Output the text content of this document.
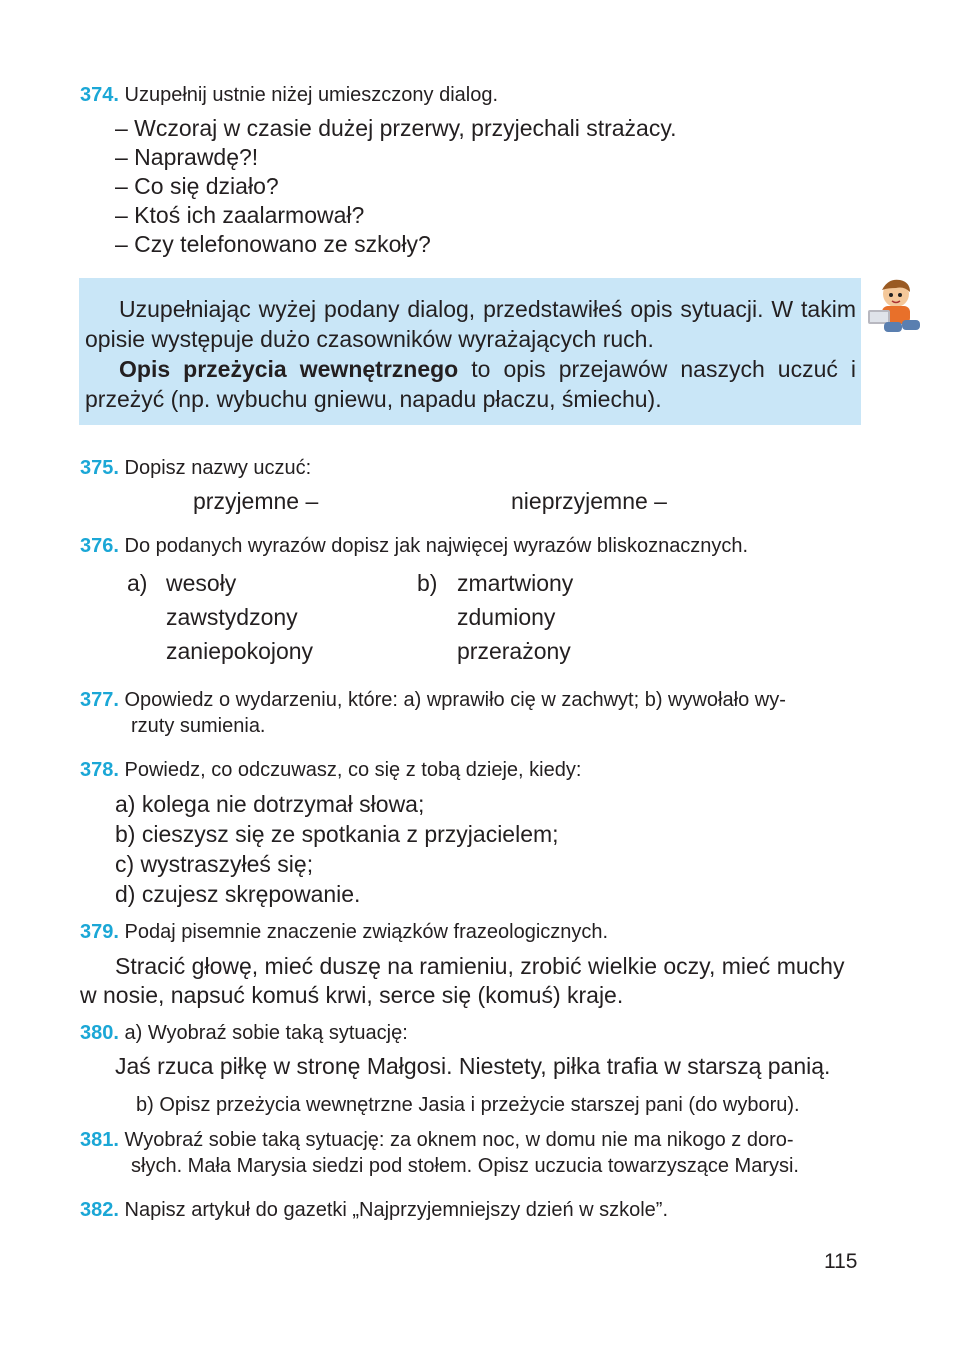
374. Uzupełnij ustnie niżej umieszczony dialog.
– Wczoraj w czasie dużej przerwy, przyjechali strażacy.
– Naprawdę?!
– Co się działo?
– Ktoś ich zaalarmował?
– Czy telefonowano ze szkoły?

Uzupełniając wyżej podany dialog, przedstawiłeś opis sytuacji. W takim opisie występuje dużo czasowników wyrażających ruch.

Opis przeżycia wewnętrznego to opis przejawów naszych uczuć i przeżyć (np. wybuchu gniewu, napadu płaczu, śmiechu).

375. Dopisz nazwy uczuć:
przyjemne –	nieprzyjemne –
376. Do podanych wyrazów dopisz jak najwięcej wyrazów bliskoznacznych.
a) wesoły
zawstydzony
zaniepokojony
b) zmartwiony
zdumiony
przerażony
377. Opowiedz o wydarzeniu, które: a) wprawiło cię w zachwyt; b) wywołało wy-
rzuty sumienia.
378. Powiedz, co odczuwasz, co się z tobą dzieje, kiedy:
a) kolega nie dotrzymał słowa;
b) cieszysz się ze spotkania z przyjacielem;
c) wystraszyłeś się;
d) czujesz skrępowanie.
379. Podaj pisemnie znaczenie związków frazeologicznych.
Stracić głowę, mieć duszę na ramieniu, zrobić wielkie oczy, mieć muchy
w nosie, napsuć komuś krwi, serce się (komuś) kraje.
380. a) Wyobraź sobie taką sytuację:
Jaś rzuca piłkę w stronę Małgosi. Niestety, piłka trafia w starszą panią.
b) Opisz przeżycia wewnętrzne Jasia i przeżycie starszej pani (do wyboru).
381. Wyobraź sobie taką sytuację: za oknem noc, w domu nie ma nikogo z doro-
słych. Mała Marysia siedzi pod stołem. Opisz uczucia towarzyszące Marysi.
382. Napisz artykuł do gazetki „Najprzyjemniejszy dzień w szkole”.
115
